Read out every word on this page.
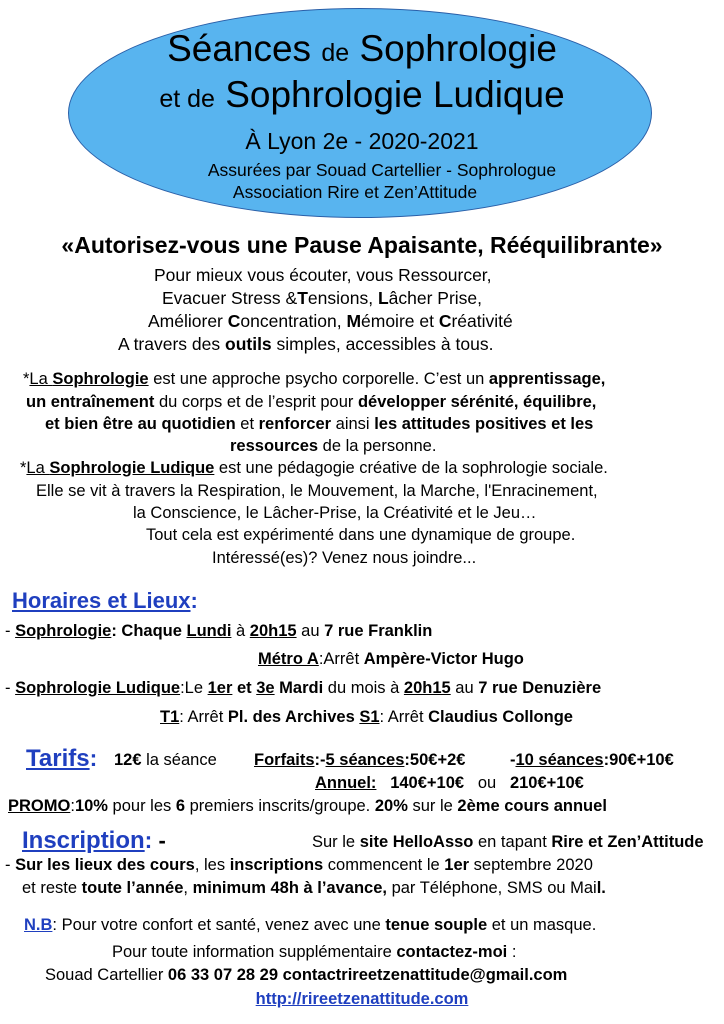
Séances de Sophrologie
et de Sophrologie Ludique
À Lyon 2e - 2020-2021
Assurées par Souad Cartellier - Sophrologue
Association Rire et Zen’Attitude
«Autorisez-vous une Pause Apaisante, Rééquilibrante»
Pour mieux vous écouter, vous Ressourcer,
Evacuer Stress &Tensions, Lâcher Prise,
Améliorer Concentration, Mémoire et Créativité
A travers des outils simples, accessibles à tous.
*La Sophrologie est une approche psycho corporelle. C’est un apprentissage,
un entraînement du corps et de l’esprit pour développer sérénité, équilibre,
et bien être au quotidien et renforcer ainsi les attitudes positives et les
ressources de la personne.
*La Sophrologie Ludique est une pédagogie créative de la sophrologie sociale.
Elle se vit à travers la Respiration, le Mouvement, la Marche, l'Enracinement,
la Conscience, le Lâcher-Prise, la Créativité et le Jeu…
Tout cela est expérimenté dans une dynamique de groupe.
Intéressé(es)? Venez nous joindre...
Horaires et Lieux:
- Sophrologie: Chaque Lundi à 20h15 au 7 rue Franklin
Métro A:Arrêt Ampère-Victor Hugo
- Sophrologie Ludique:Le 1er et 3e Mardi du mois à 20h15 au 7 rue Denuzière
T1: Arrêt Pl. des Archives S1: Arrêt Claudius Collonge
Tarifs: 12€ la séance Forfaits:-5 séances:50€+2€	-10 séances:90€+10€
Annuel: 140€+10€ ou 210€+10€
PROMO:10% pour les 6 premiers inscrits/groupe. 20% sur le 2ème cours annuel
Inscription: -	Sur le site HelloAsso en tapant Rire et Zen’Attitude
- Sur les lieux des cours, les inscriptions commencent le 1er septembre 2020
et reste toute l’année, minimum 48h à l’avance, par Téléphone, SMS ou Mail.
N.B: Pour votre confort et santé, venez avec une tenue souple et un masque.
Pour toute information supplémentaire contactez-moi :
Souad Cartellier 06 33 07 28 29 contactrireetzenattitude@gmail.com
http://rireetzenattitude.com
